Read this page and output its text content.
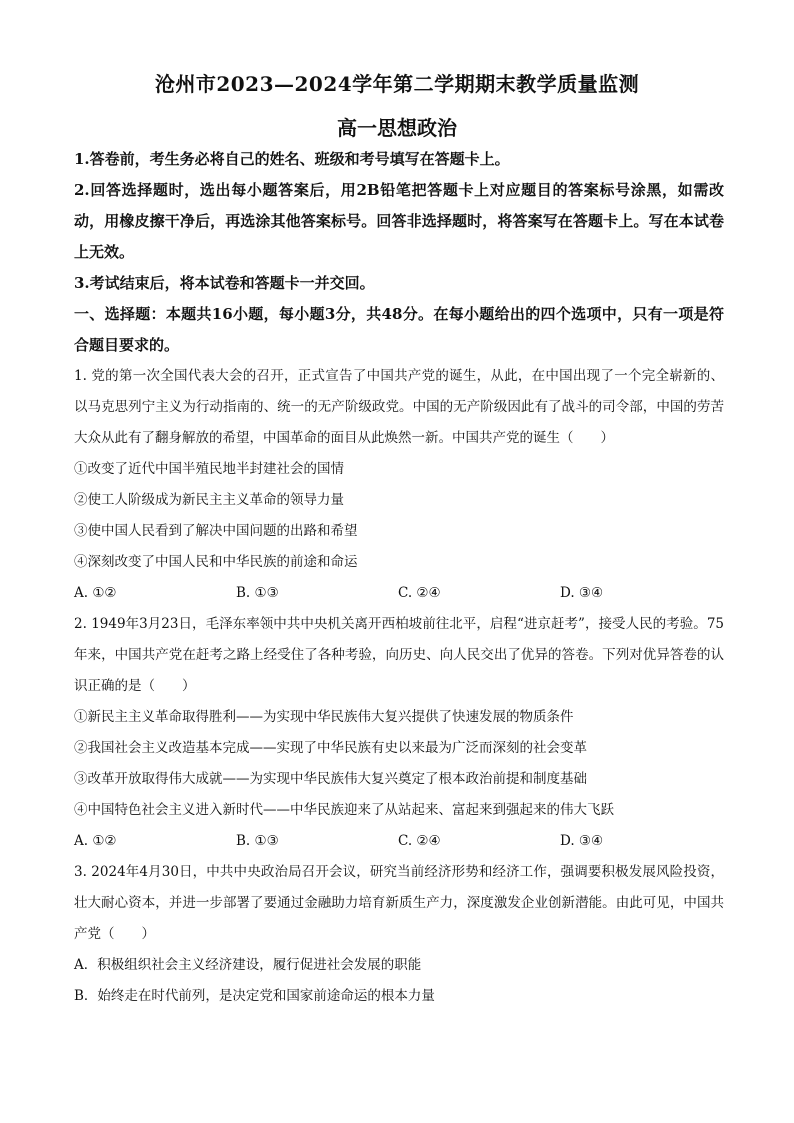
沧州市2023—2024学年第二学期期末教学质量监测
高一思想政治

1.答卷前，考生务必将自己的姓名、班级和考号填写在答题卡上。

2.回答选择题时，选出每小题答案后，用2B铅笔把答题卡上对应题目的答案标号涂黑，如需改动，用橡皮擦干净后，再选涂其他答案标号。回答非选择题时，将答案写在答题卡上。写在本试卷上无效。

3.考试结束后，将本试卷和答题卡一并交回。

一、选择题：本题共16小题，每小题3分，共48分。在每小题给出的四个选项中，只有一项是符合题目要求的。

1. 党的第一次全国代表大会的召开，正式宣告了中国共产党的诞生，从此，在中国出现了一个完全崭新的、以马克思列宁主义为行动指南的、统一的无产阶级政党。中国的无产阶级因此有了战斗的司令部，中国的劳苦大众从此有了翻身解放的希望，中国革命的面目从此焕然一新。中国共产党的诞生（　　）

①改变了近代中国半殖民地半封建社会的国情

②使工人阶级成为新民主主义革命的领导力量

③使中国人民看到了解决中国问题的出路和希望

④深刻改变了中国人民和中华民族的前途和命运

A. ①②	B. ①③	C. ②④	D. ③④

2. 1949年3月23日，毛泽东率领中共中央机关离开西柏坡前往北平，启程“进京赶考”，接受人民的考验。75年来，中国共产党在赶考之路上经受住了各种考验，向历史、向人民交出了优异的答卷。下列对优异答卷的认识正确的是（　　）

①新民主主义革命取得胜利——为实现中华民族伟大复兴提供了快速发展的物质条件

②我国社会主义改造基本完成——实现了中华民族有史以来最为广泛而深刻的社会变革

③改革开放取得伟大成就——为实现中华民族伟大复兴奠定了根本政治前提和制度基础

④中国特色社会主义进入新时代——中华民族迎来了从站起来、富起来到强起来的伟大飞跃

A. ①②	B. ①③	C. ②④	D. ③④

3. 2024年4月30日，中共中央政治局召开会议，研究当前经济形势和经济工作，强调要积极发展风险投资，壮大耐心资本，并进一步部署了要通过金融助力培育新质生产力，深度激发企业创新潜能。由此可见，中国共产党（　　）

A．积极组织社会主义经济建设，履行促进社会发展的职能

B．始终走在时代前列，是决定党和国家前途命运的根本力量
